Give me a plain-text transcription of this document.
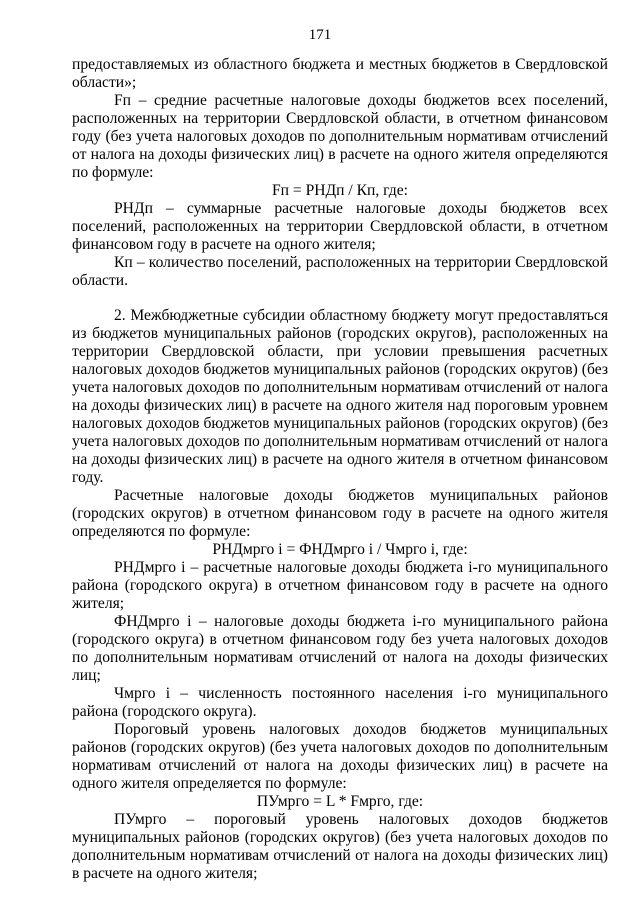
171

предоставляемых из областного бюджета и местных бюджетов в Свердловской области»;

Fп – средние расчетные налоговые доходы бюджетов всех поселений, расположенных на территории Свердловской области, в отчетном финансовом году (без учета налоговых доходов по дополнительным нормативам отчислений от налога на доходы физических лиц) в расчете на одного жителя определяются по формуле:

Fп = РНДп / Кп, где:

РНДп – суммарные расчетные налоговые доходы бюджетов всех поселений, расположенных на территории Свердловской области, в отчетном финансовом году в расчете на одного жителя;

Кп – количество поселений, расположенных на территории Свердловской области.

2. Межбюджетные субсидии областному бюджету могут предоставляться из бюджетов муниципальных районов (городских округов), расположенных на территории Свердловской области, при условии превышения расчетных налоговых доходов бюджетов муниципальных районов (городских округов) (без учета налоговых доходов по дополнительным нормативам отчислений от налога на доходы физических лиц) в расчете на одного жителя над пороговым уровнем налоговых доходов бюджетов муниципальных районов (городских округов) (без учета налоговых доходов по дополнительным нормативам отчислений от налога на доходы физических лиц) в расчете на одного жителя в отчетном финансовом году.

Расчетные налоговые доходы бюджетов муниципальных районов (городских округов) в отчетном финансовом году в расчете на одного жителя определяются по формуле:

РНДмрго i = ФНДмрго i / Чмрго i, где:

РНДмрго i – расчетные налоговые доходы бюджета i-го муниципального района (городского округа) в отчетном финансовом году в расчете на одного жителя;

ФНДмрго i – налоговые доходы бюджета i-го муниципального района (городского округа) в отчетном финансовом году без учета налоговых доходов по дополнительным нормативам отчислений от налога на доходы физических лиц;

Чмрго i – численность постоянного населения i-го муниципального района (городского округа).

Пороговый уровень налоговых доходов бюджетов муниципальных районов (городских округов) (без учета налоговых доходов по дополнительным нормативам отчислений от налога на доходы физических лиц) в расчете на одного жителя определяется по формуле:

ПУмрго = L * Fмрго, где:

ПУмрго – пороговый уровень налоговых доходов бюджетов муниципальных районов (городских округов) (без учета налоговых доходов по дополнительным нормативам отчислений от налога на доходы физических лиц) в расчете на одного жителя;
